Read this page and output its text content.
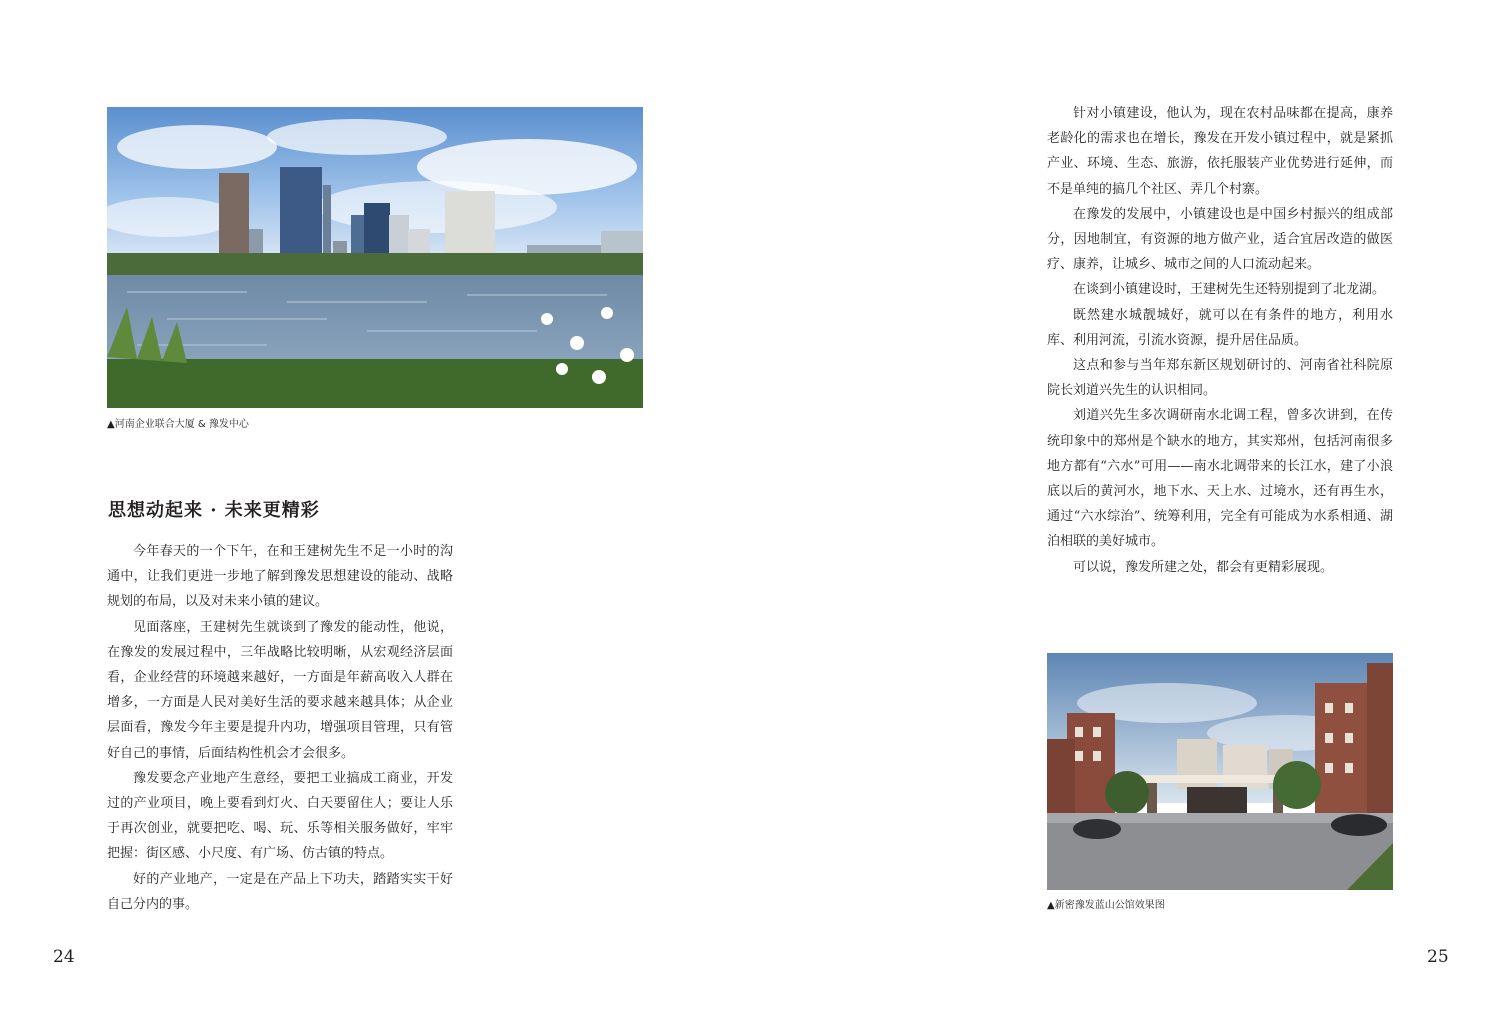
▲河南企业联合大厦 & 豫发中心
思想动起来 · 未来更精彩

今年春天的一个下午，在和王建树先生不足一小时的沟通中，让我们更进一步地了解到豫发思想建设的能动、战略规划的布局，以及对未来小镇的建议。

见面落座，王建树先生就谈到了豫发的能动性，他说，在豫发的发展过程中，三年战略比较明晰，从宏观经济层面看，企业经营的环境越来越好，一方面是年薪高收入人群在增多，一方面是人民对美好生活的要求越来越具体；从企业层面看，豫发今年主要是提升内功，增强项目管理，只有管好自己的事情，后面结构性机会才会很多。

豫发要念产业地产生意经，要把工业搞成工商业，开发过的产业项目，晚上要看到灯火、白天要留住人；要让人乐于再次创业，就要把吃、喝、玩、乐等相关服务做好，牢牢把握：街区感、小尺度、有广场、仿古镇的特点。

好的产业地产，一定是在产品上下功夫，踏踏实实干好自己分内的事。

24

针对小镇建设，他认为，现在农村品味都在提高，康养老龄化的需求也在增长，豫发在开发小镇过程中，就是紧抓产业、环境、生态、旅游，依托服装产业优势进行延伸，而不是单纯的搞几个社区、弄几个村寨。

在豫发的发展中，小镇建设也是中国乡村振兴的组成部分，因地制宜，有资源的地方做产业，适合宜居改造的做医疗、康养，让城乡、城市之间的人口流动起来。

在谈到小镇建设时，王建树先生还特别提到了北龙湖。

既然建水城靓城好，就可以在有条件的地方，利用水库、利用河流，引流水资源，提升居住品质。

这点和参与当年郑东新区规划研讨的、河南省社科院原院长刘道兴先生的认识相同。

刘道兴先生多次调研南水北调工程，曾多次讲到，在传统印象中的郑州是个缺水的地方，其实郑州，包括河南很多地方都有“六水”可用——南水北调带来的长江水，建了小浪底以后的黄河水，地下水、天上水、过境水，还有再生水，通过“六水综治”、统筹利用，完全有可能成为水系相通、湖泊相联的美好城市。

可以说，豫发所建之处，都会有更精彩展现。

▲新密豫发蓝山公馆效果图
25
